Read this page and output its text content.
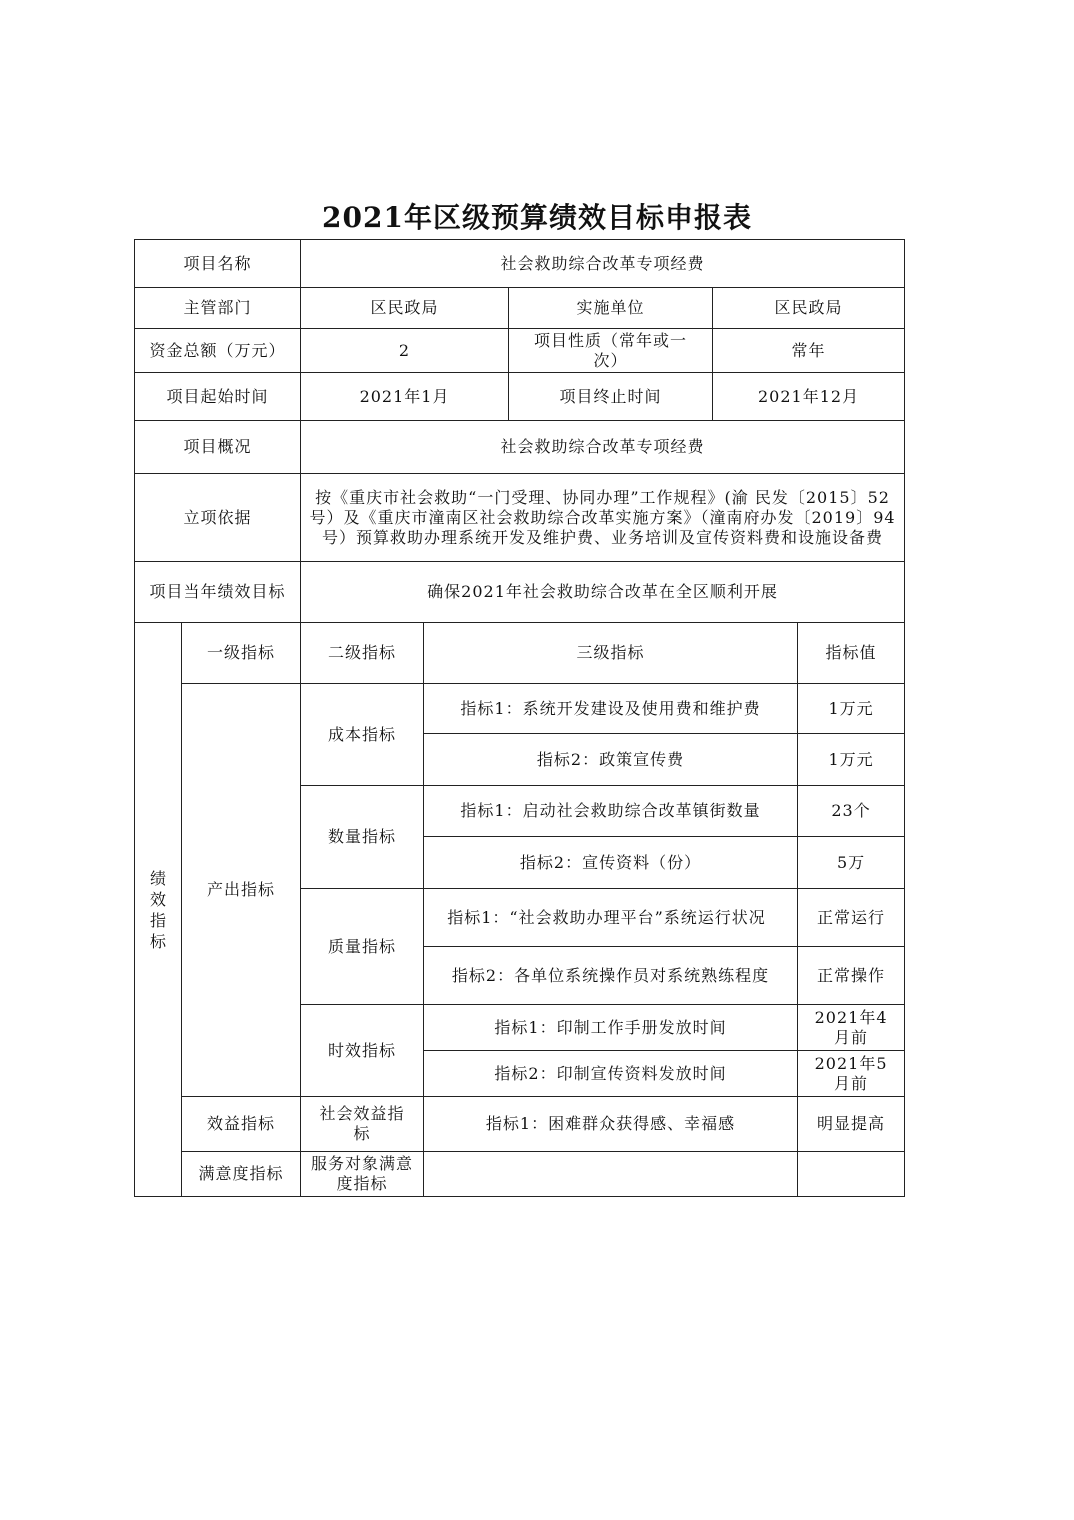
2021年区级预算绩效目标申报表
项目名称		社会救助综合改革专项经费				
主管部门		区民政局		实施单位	区民政局	
资金总额（万元）		2		项目性质（常年或一次）	常年	
项目起始时间		2021年1月		项目终止时间	2021年12月	
项目概况		社会救助综合改革专项经费				
立项依据		按《重庆市社会救助“一门受理、协同办理”工作规程》(渝 民发〔2015〕52 号）及《重庆市潼南区社会救助综合改革实施方案》（潼南府办发〔2019〕94号）预算救助办理系统开发及维护费、业务培训及宣传资料费和设施设备费				
项目当年绩效目标		确保2021年社会救助综合改革在全区顺利开展				
绩效指标	一级指标	二级指标	三级指标			指标值
	产出指标	成本指标	指标1：系统开发建设及使用费和维护费			1万元
			指标2：政策宣传费			1万元
		数量指标	指标1：启动社会救助综合改革镇街数量			23个
			指标2：宣传资料（份）			5万
		质量指标	指标1：“社会救助办理平台”系统运行状况			正常运行
			指标2：各单位系统操作员对系统熟练程度			正常操作
		时效指标	指标1：印制工作手册发放时间			2021年4月前
			指标2：印制宣传资料发放时间			2021年5月前
	效益指标	社会效益指标	指标1：困难群众获得感、幸福感			明显提高
	满意度指标	服务对象满意度指标				
